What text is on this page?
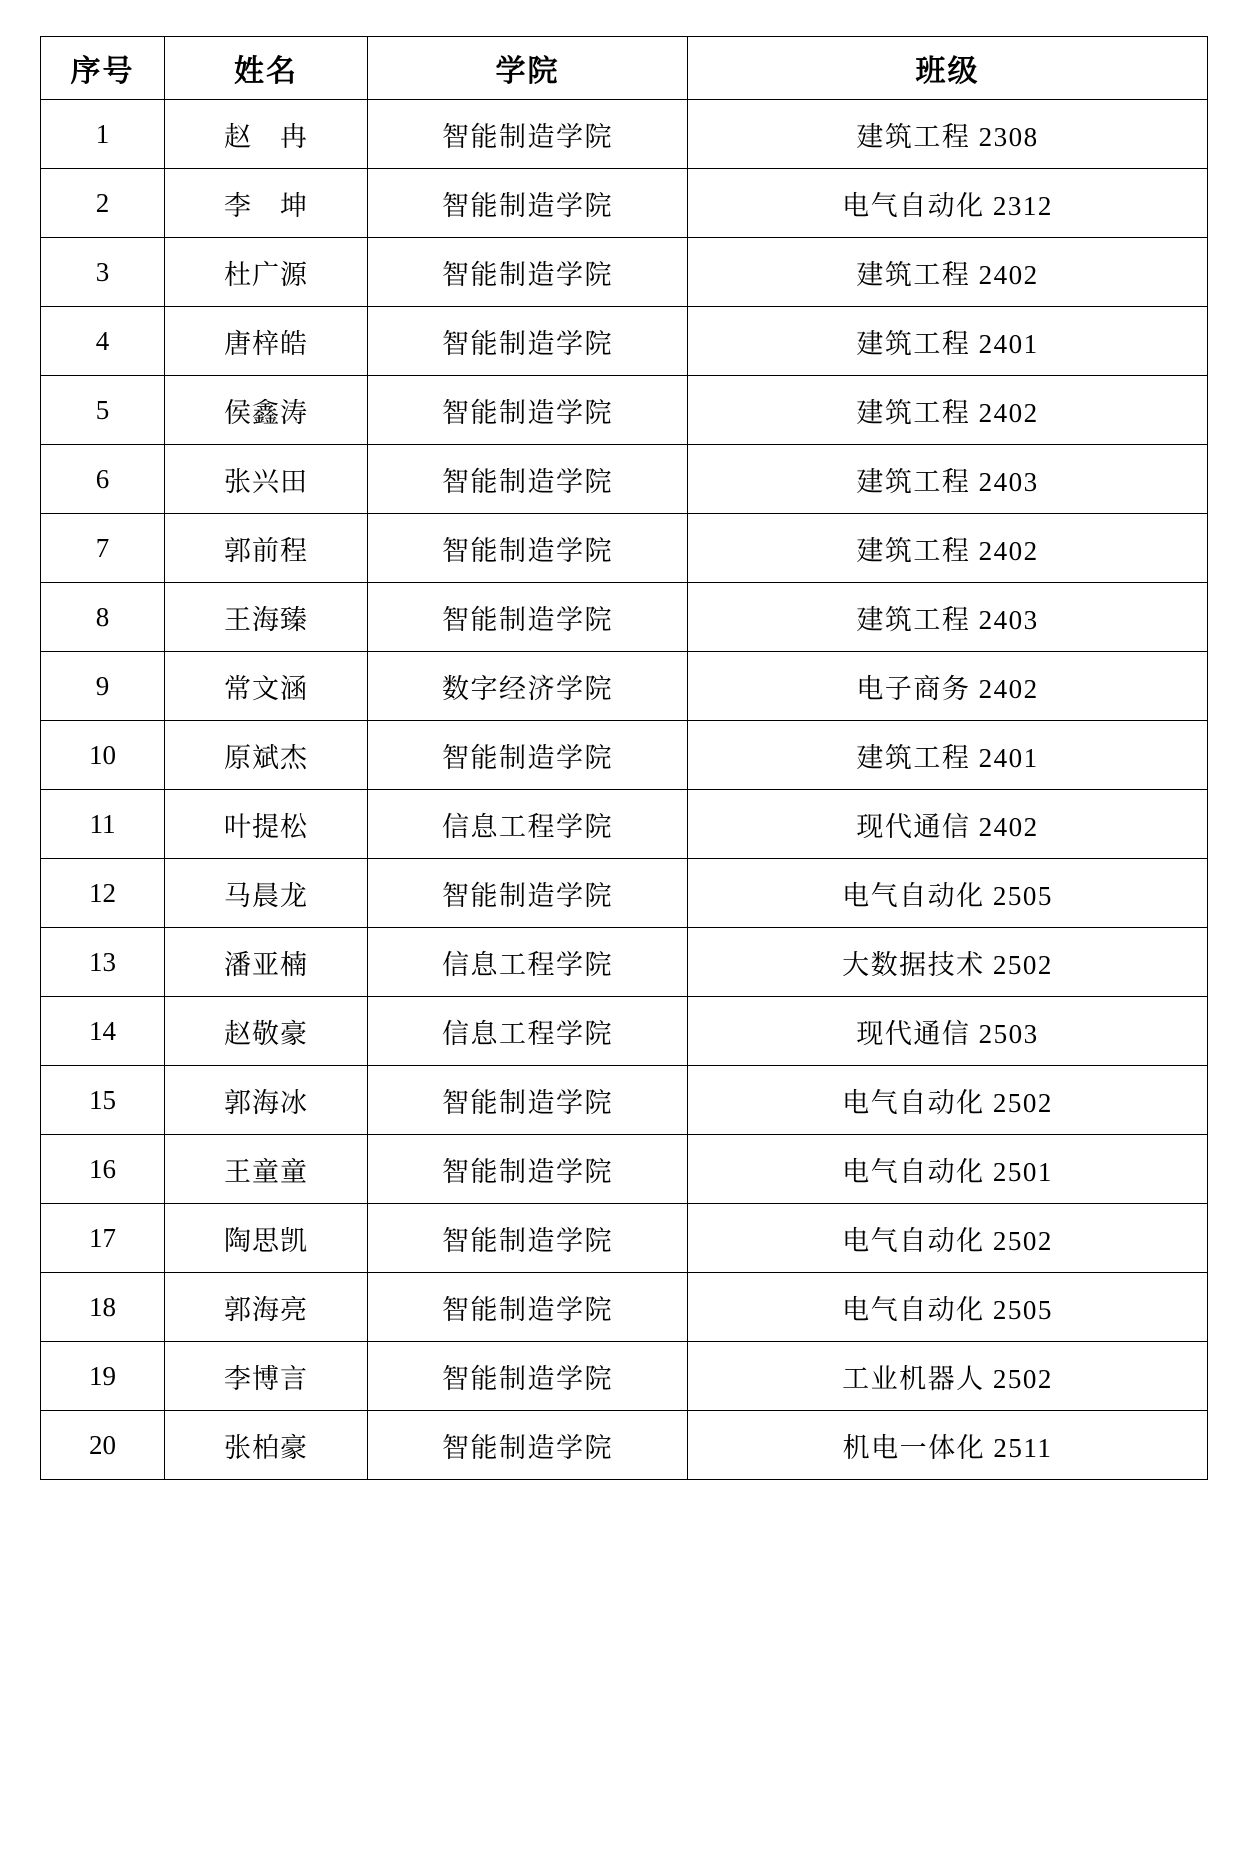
序号	姓名	学院	班级
1	赵　冉	智能制造学院	建筑工程 2308
2	李　坤	智能制造学院	电气自动化 2312
3	杜广源	智能制造学院	建筑工程 2402
4	唐梓皓	智能制造学院	建筑工程 2401
5	侯鑫涛	智能制造学院	建筑工程 2402
6	张兴田	智能制造学院	建筑工程 2403
7	郭前程	智能制造学院	建筑工程 2402
8	王海臻	智能制造学院	建筑工程 2403
9	常文涵	数字经济学院	电子商务 2402
10	原斌杰	智能制造学院	建筑工程 2401
11	叶提松	信息工程学院	现代通信 2402
12	马晨龙	智能制造学院	电气自动化 2505
13	潘亚楠	信息工程学院	大数据技术 2502
14	赵敬豪	信息工程学院	现代通信 2503
15	郭海冰	智能制造学院	电气自动化 2502
16	王童童	智能制造学院	电气自动化 2501
17	陶思凯	智能制造学院	电气自动化 2502
18	郭海亮	智能制造学院	电气自动化 2505
19	李博言	智能制造学院	工业机器人 2502
20	张柏豪	智能制造学院	机电一体化 2511
